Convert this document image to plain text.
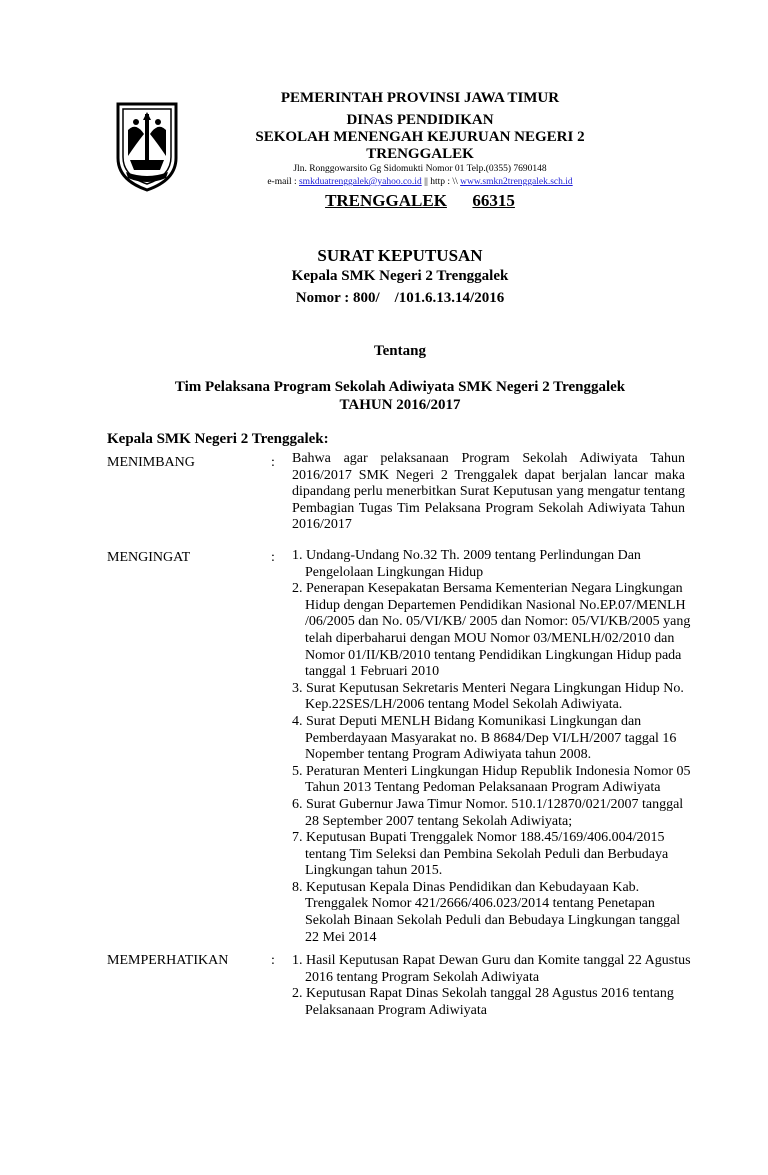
PEMERINTAH PROVINSI JAWA TIMUR
DINAS PENDIDIKAN
SEKOLAH MENENGAH KEJURUAN NEGERI 2
TRENGGALEK
Jln. Ronggowarsito Gg Sidomukti Nomor 01 Telp.(0355) 7690148
e-mail : smkduatrenggalek@yahoo.co.id || http : \\ www.smkn2trenggalek.sch.id
TRENGGALEK 66315
SURAT KEPUTUSAN
Kepala SMK Negeri 2 Trenggalek
Nomor : 800/    /101.6.13.14/2016
Tentang
Tim Pelaksana Program Sekolah Adiwiyata SMK Negeri 2 Trenggalek
TAHUN 2016/2017
Kepala SMK Negeri 2 Trenggalek:
MENIMBANG	: Bahwa agar pelaksanaan Program Sekolah Adiwiyata Tahun 2016/2017 SMK Negeri 2 Trenggalek dapat berjalan lancar maka dipandang perlu menerbitkan Surat Keputusan yang mengatur tentang Pembagian Tugas Tim Pelaksana Program Sekolah Adiwiyata Tahun 2016/2017
MENGINGAT	: 1. Undang-Undang No.32 Th. 2009 tentang Perlindungan Dan Pengelolaan Lingkungan Hidup
2. Penerapan Kesepakatan Bersama Kementerian Negara Lingkungan Hidup dengan Departemen Pendidikan Nasional No.EP.07/MENLH /06/2005 dan No. 05/VI/KB/ 2005 dan Nomor: 05/VI/KB/2005 yang telah diperbaharui dengan MOU Nomor 03/MENLH/02/2010 dan Nomor 01/II/KB/2010 tentang Pendidikan Lingkungan Hidup pada tanggal 1 Februari 2010
3. Surat Keputusan Sekretaris Menteri Negara Lingkungan Hidup No. Kep.22SES/LH/2006 tentang Model Sekolah Adiwiyata.
4. Surat Deputi MENLH Bidang Komunikasi Lingkungan dan Pemberdayaan Masyarakat no. B 8684/Dep VI/LH/2007 taggal 16 Nopember tentang Program Adiwiyata tahun 2008.
5. Peraturan Menteri Lingkungan Hidup Republik Indonesia Nomor 05 Tahun 2013 Tentang Pedoman Pelaksanaan Program Adiwiyata
6. Surat Gubernur Jawa Timur Nomor. 510.1/12870/021/2007 tanggal 28 September 2007 tentang Sekolah Adiwiyata;
7. Keputusan Bupati Trenggalek Nomor 188.45/169/406.004/2015 tentang Tim Seleksi dan Pembina Sekolah Peduli dan Berbudaya Lingkungan tahun 2015.
8. Keputusan Kepala Dinas Pendidikan dan Kebudayaan Kab. Trenggalek Nomor 421/2666/406.023/2014 tentang Penetapan Sekolah Binaan Sekolah Peduli dan Bebudaya Lingkungan tanggal 22 Mei 2014
MEMPERHATIKAN	: 1. Hasil Keputusan Rapat Dewan Guru dan Komite tanggal 22 Agustus 2016 tentang Program Sekolah Adiwiyata
2. Keputusan Rapat Dinas Sekolah tanggal 28 Agustus 2016 tentang Pelaksanaan Program Adiwiyata
